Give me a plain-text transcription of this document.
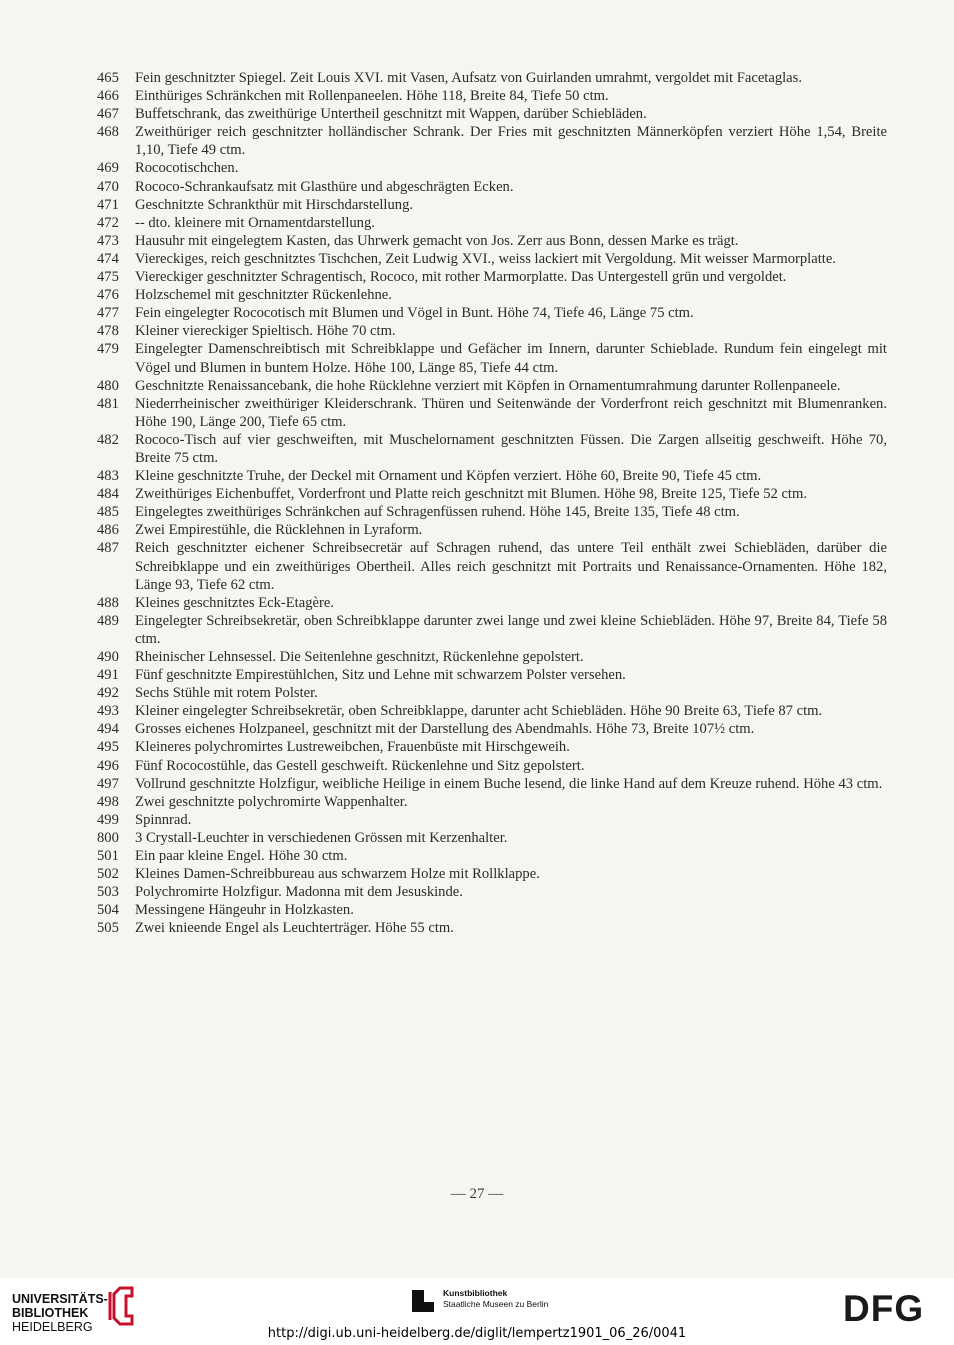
465	Fein geschnitzter Spiegel. Zeit Louis XVI. mit Vasen, Aufsatz von Guirlanden umrahmt, vergoldet mit Facetaglas.
466	Einthüriges Schränkchen mit Rollenpaneelen. Höhe 118, Breite 84, Tiefe 50 ctm.
467	Buffetschrank, das zweithürige Untertheil geschnitzt mit Wappen, darüber Schiebläden.
468	Zweithüriger reich geschnitzter holländischer Schrank. Der Fries mit geschnitzten Männerköpfen verziert Höhe 1,54, Breite 1,10, Tiefe 49 ctm.
469	Rococotischchen.
470	Rococo-Schrankaufsatz mit Glasthüre und abgeschrägten Ecken.
471	Geschnitzte Schrankthür mit Hirschdarstellung.
472	-- dto. kleinere mit Ornamentdarstellung.
473	Hausuhr mit eingelegtem Kasten, das Uhrwerk gemacht von Jos. Zerr aus Bonn, dessen Marke es trägt.
474	Viereckiges, reich geschnitztes Tischchen, Zeit Ludwig XVI., weiss lackiert mit Vergoldung. Mit weisser Marmorplatte.
475	Viereckiger geschnitzter Schragentisch, Rococo, mit rother Marmorplatte. Das Untergestell grün und vergoldet.
476	Holzschemel mit geschnitzter Rückenlehne.
477	Fein eingelegter Rococotisch mit Blumen und Vögel in Bunt. Höhe 74, Tiefe 46, Länge 75 ctm.
478	Kleiner viereckiger Spieltisch. Höhe 70 ctm.
479	Eingelegter Damenschreibtisch mit Schreibklappe und Gefächer im Innern, darunter Schieblade. Rundum fein eingelegt mit Vögel und Blumen in buntem Holze. Höhe 100, Länge 85, Tiefe 44 ctm.
480	Geschnitzte Renaissancebank, die hohe Rücklehne verziert mit Köpfen in Ornamentumrahmung darunter Rollenpaneele.
481	Niederrheinischer zweithüriger Kleiderschrank. Thüren und Seitenwände der Vorderfront reich geschnitzt mit Blumenranken. Höhe 190, Länge 200, Tiefe 65 ctm.
482	Rococo-Tisch auf vier geschweiften, mit Muschelornament geschnitzten Füssen. Die Zargen allseitig geschweift. Höhe 70, Breite 75 ctm.
483	Kleine geschnitzte Truhe, der Deckel mit Ornament und Köpfen verziert. Höhe 60, Breite 90, Tiefe 45 ctm.
484	Zweithüriges Eichenbuffet, Vorderfront und Platte reich geschnitzt mit Blumen. Höhe 98, Breite 125, Tiefe 52 ctm.
485	Eingelegtes zweithüriges Schränkchen auf Schragenfüssen ruhend. Höhe 145, Breite 135, Tiefe 48 ctm.
486	Zwei Empirestühle, die Rücklehnen in Lyraform.
487	Reich geschnitzter eichener Schreibsecretär auf Schragen ruhend, das untere Teil enthält zwei Schiebläden, darüber die Schreibklappe und ein zweithüriges Obertheil. Alles reich geschnitzt mit Portraits und Renaissance-Ornamenten. Höhe 182, Länge 93, Tiefe 62 ctm.
488	Kleines geschnitztes Eck-Etagère.
489	Eingelegter Schreibsekretär, oben Schreibklappe darunter zwei lange und zwei kleine Schiebläden. Höhe 97, Breite 84, Tiefe 58 ctm.
490	Rheinischer Lehnsessel. Die Seitenlehne geschnitzt, Rückenlehne gepolstert.
491	Fünf geschnitzte Empirestühlchen, Sitz und Lehne mit schwarzem Polster versehen.
492	Sechs Stühle mit rotem Polster.
493	Kleiner eingelegter Schreibsekretär, oben Schreibklappe, darunter acht Schiebläden. Höhe 90 Breite 63, Tiefe 87 ctm.
494	Grosses eichenes Holzpaneel, geschnitzt mit der Darstellung des Abendmahls. Höhe 73, Breite 107½ ctm.
495	Kleineres polychromirtes Lustreweibchen, Frauenbüste mit Hirschgeweih.
496	Fünf Rococostühle, das Gestell geschweift. Rückenlehne und Sitz gepolstert.
497	Vollrund geschnitzte Holzfigur, weibliche Heilige in einem Buche lesend, die linke Hand auf dem Kreuze ruhend. Höhe 43 ctm.
498	Zwei geschnitzte polychromirte Wappenhalter.
499	Spinnrad.
800	3 Crystall-Leuchter in verschiedenen Grössen mit Kerzenhalter.
501	Ein paar kleine Engel. Höhe 30 ctm.
502	Kleines Damen-Schreibbureau aus schwarzem Holze mit Rollklappe.
503	Polychromirte Holzfigur. Madonna mit dem Jesuskinde.
504	Messingene Hängeuhr in Holzkasten.
505	Zwei knieende Engel als Leuchterträger. Höhe 55 ctm.
— 27 —
UNIVERSITÄTS-
BIBLIOTHEK
HEIDELBERG
Kunstbibliothek
Staatliche Museen zu Berlin	DFG
http://digi.ub.uni-heidelberg.de/diglit/lempertz1901_06_26/0041
